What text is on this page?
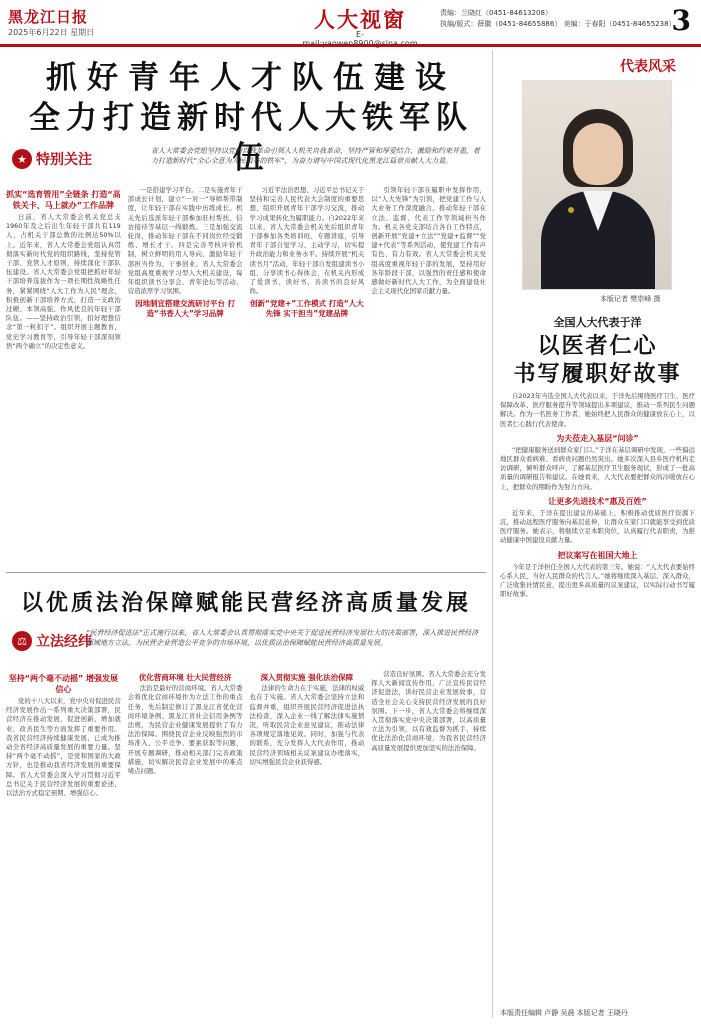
黑龙江日报
2025年6月22日 星期日
人大视窗
E-
责编：兰晓红（0451-84613208）
执编/版式：薛徽（0451-84655886） 美编：于春阳（0451-84655238）
3
抓好青年人才队伍建设
全力打造新时代人大铁军队伍
★ 特别关注
省人大常委会党组坚持以党的自我革命引领人大机关自我革命，坚持严管和厚爱结合、激励和约束并重，着力打造新时代“全心全意为人民服务的铁军”，为奋力谱写中国式现代化黑龙江篇章贡献人大力量。
抓实“选育管用”全链条 打造“高铁关卡、马上就办”工作品牌

日前，省人大常委会机关党总支1960年及之后出生年轻干部共有119人，占机关干部总数的比例达50%以上。近年来，省人大常委会党组认真贯彻落实新时代党的组织路线，坚持党管干部、党管人才原则，持续深化干部队伍建设。省人大常委会党组把抓好年轻干部培养选拔作为一项长期性战略性任务，紧紧围绕“人大工作为人民”理念，积极创新干部培养方式，打造一支政治过硬、本领高强、作风优良的年轻干部队伍。——坚持政治引领，扣好理想信念“第一粒扣子”。组织开展主题教育、党史学习教育等，引导年轻干部深刻领悟“两个确立”的决定性意义。

一是搭建学习平台。二是实施青年干部成长计划，建立“一对一”导师帮带制度，让年轻干部在实践中历练成长。机关先后选派年轻干部参加驻村帮扶、信访接待等基层一线锻炼。三是加强交流轮岗，推动年轻干部在不同岗位经受锻炼、增长才干。四是完善考核评价机制，树立鲜明的用人导向，激励年轻干部担当作为、干事创业。省人大常委会党组高度重视学习型人大机关建设，每年组织读书分享会、青年论坛等活动，营造浓厚学习氛围。

因地制宜搭建交流研讨平台 打造“书香人大”学习品牌

习近平法治思想、习近平总书记关于坚持和完善人民代表大会制度的重要思想，组织开展青年干部学习交流，推动学习成果转化为履职能力。自2022年来以来，省人大常委会机关先后组织青年干部参加各类培训班、专题讲座，引导青年干部自觉学习、主动学习，切实提升政治能力和业务水平。持续开展“机关读书月”活动，年轻干部自发组建读书小组，分享读书心得体会，在机关内形成了爱读书、读好书、善读书的良好风尚。

创新“党建+”工作模式 打造“人大先锋 实干担当”党建品牌

引领年轻干部在履职中发挥作用，以“人大先锋”为引领，把党建工作与人大业务工作深度融合，推动年轻干部在立法、监督、代表工作等领域担当作为。机关各党支部结合各自工作特点，创新开展“党建+立法”“党建+监督”“党建+代表”等系列活动，使党建工作有声有色、有力有效。省人大常委会机关党组高度重视年轻干部的发展，坚持用好各年龄段干部，以强烈的责任感和使命感做好新时代人大工作，为全面建设社会主义现代化国家贡献力量。

以优质法治保障赋能民营经济高质量发展
⚖ 立法经纬
“民营经济促进法”正式施行以来，省人大常委会认真贯彻落实党中央关于促进民营经济发展壮大的决策部署，深入推进民营经济领域地方立法，为民营企业营造公平竞争的市场环境，以优质法治保障赋能民营经济高质量发展。
坚持“两个毫不动摇” 增强发展信心

党的十八大以来，党中央对促进民营经济发展作出一系列重大决策部署，民营经济在推动发展、促进创新、增加就业、改善民生等方面发挥了重要作用。我省民营经济持续健康发展，已成为推动全省经济高质量发展的重要力量。坚持“两个毫不动摇”，是党和国家的大政方针，也是推动我省经济发展的重要保障。省人大常委会深入学习贯彻习近平总书记关于民营经济发展的重要论述，以法治方式稳定预期、增强信心。

优化营商环境 壮大民营经济

法治是最好的营商环境。省人大常委会将优化营商环境作为立法工作的重点任务，先后制定修订了黑龙江省优化营商环境条例、黑龙江省社会信用条例等法规，为民营企业健康发展提供了有力法治保障。围绕民营企业反映强烈的市场准入、公平竞争、要素获取等问题，开展专题调研，推动相关部门完善政策措施，切实解决民营企业发展中的难点堵点问题。

深入贯彻实施 强化法治保障

法律的生命力在于实施，法律的权威也在于实施。省人大常委会坚持立法和监督并重，组织开展民营经济促进法执法检查，深入企业一线了解法律实施情况，听取民营企业意见建议，推动法律各项规定落地见效。同时，加强与代表的联系，充分发挥人大代表作用，推动民营经济领域相关议案建议办理落实，切实增强民营企业获得感。

营造良好氛围。省人大常委会充分发挥人大新闻宣传作用，广泛宣传民营经济促进法，讲好民营企业发展故事，营造全社会关心支持民营经济发展的良好氛围。下一步，省人大常委会将继续深入贯彻落实党中央决策部署，以高质量立法为引领，以有效监督为抓手，持续优化法治化营商环境，为我省民营经济高质量发展提供更加坚实的法治保障。

代表风采
本版记者 樊崇峰 摄
全国人大代表于洋
以医者仁心
书写履职好故事

自2023年当选全国人大代表以来，于洋先后围绕医疗卫生、医疗保障改革、医疗服务提升等领域提出多项建议，推动一系列民生问题解决。作为一名医务工作者，她始终把人民群众的健康放在心上，以医者仁心践行代表使命。

为夫莅走入基层“问诊”

“把健康服务送到群众家门口。”于洋在基层调研中发现，一些偏远地区群众看病难、看病贵问题仍然突出。她多次深入县乡医疗机构走访调研，倾听群众呼声，了解基层医疗卫生服务现状，形成了一批高质量的调研报告和建议。在她看来，人大代表要把群众的冷暖放在心上，把群众的期盼作为努力方向。

让更多先进技术“惠及百姓”

近年来，于洋在提出建议的基础上，积极推动优质医疗资源下沉，推动远程医疗服务向基层延伸，让群众在家门口就能享受到优质医疗服务。她表示，将继续立足本职岗位，认真履行代表职责，为推动健康中国建设贡献力量。

把议案写在祖国大地上

今年是于洋担任全国人大代表的第三年。她说：“人大代表要始终心系人民，当好人民群众的代言人。”她将继续深入基层、深入群众，广泛收集社情民意，提出更多高质量的议案建议，以实际行动书写履职好故事。

本版责任编辑 卢静 吴晨 本版记者 王晓丹
